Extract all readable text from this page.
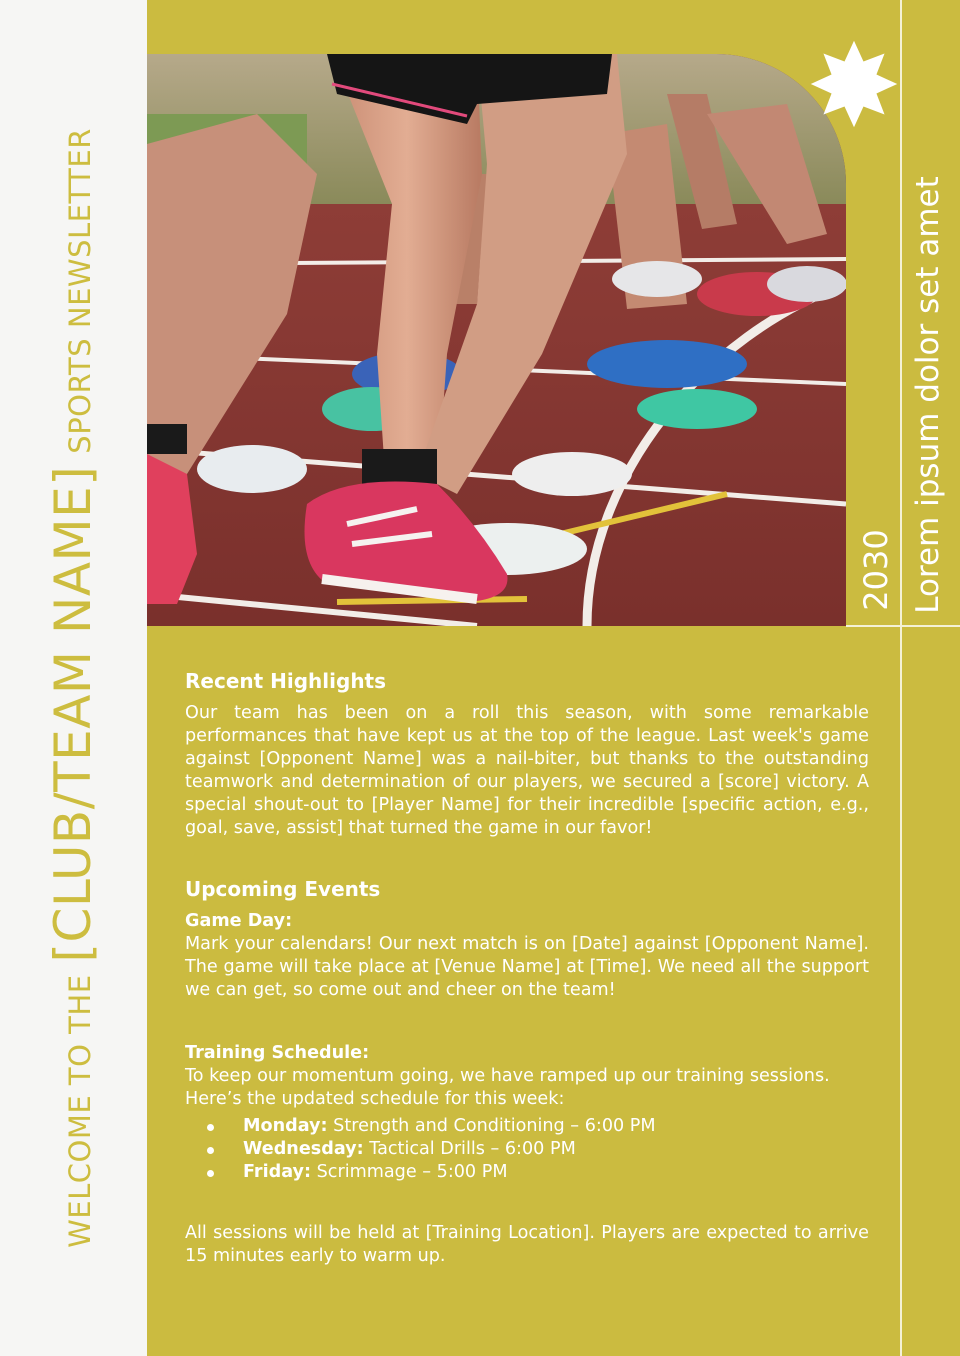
WELCOME TO THE
[CLUB/TEAM NAME]
SPORTS NEWSLETTER
2030 Lorem ipsum dolor set amet
Recent Highlights

Our team has been on a roll this season, with some remarkable performances that have kept us at the top of the league. Last week's game against [Opponent Name] was a nail-biter, but thanks to the outstanding teamwork and determination of our players, we secured a [score] victory. A special shout-out to [Player Name] for their incredible [specific action, e.g., goal, save, assist] that turned the game in our favor!

Upcoming Events
Game Day:

Mark your calendars! Our next match is on [Date] against [Opponent Name]. The game will take place at [Venue Name] at [Time]. We need all the support we can get, so come out and cheer on the team!

Training Schedule:

To keep our momentum going, we have ramped up our training sessions. Here’s the updated schedule for this week:

Monday: Strength and Conditioning – 6:00 PM
Wednesday: Tactical Drills – 6:00 PM
Friday: Scrimmage – 5:00 PM

All sessions will be held at [Training Location]. Players are expected to arrive 15 minutes early to warm up.
